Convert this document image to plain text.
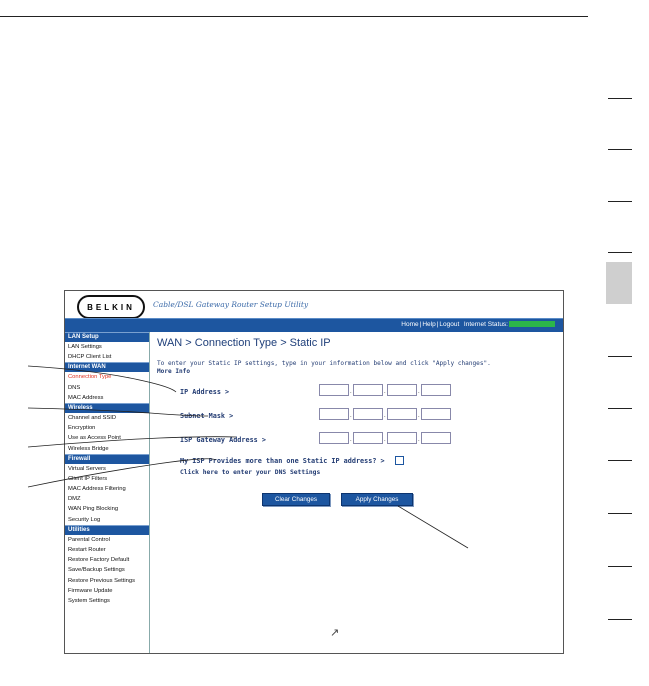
BELKIN	Cable/DSL Gateway Router Setup Utility
Home|Help|Logout Internet Status:
LAN Setup
LAN Settings
DHCP Client List
Internet WAN
Connection Type
DNS
MAC Address
Wireless
Channel and SSID
Encryption
Use as Access Point
Wireless Bridge
Firewall
Virtual Servers
Client IP Filters
MAC Address Filtering
DMZ
WAN Ping Blocking
Security Log
Utilities
Parental Control
Restart Router
Restore Factory Default
Save/Backup Settings
Restore Previous Settings
Firmware Update
System Settings
WAN > Connection Type > Static IP
To enter your Static IP settings, type in your information below and click "Apply changes".
More Info
IP Address >	.	.	.
Subnet Mask >	.	.	.
ISP Gateway Address >	.	.	.
My ISP Provides more than one Static IP address? >
Click here to enter your DNS Settings
Clear Changes	Apply Changes
↗
